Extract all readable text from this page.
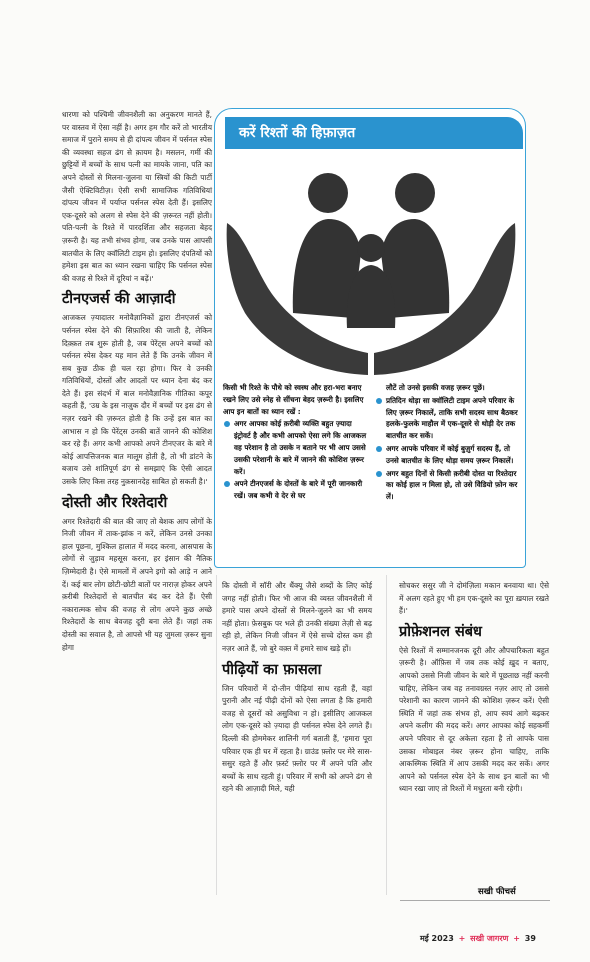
धारणा को पश्चिमी जीवनशैली का अनुकरण मानते हैं, पर वास्तव में ऐसा नहीं है। अगर हम गौर करें तो भारतीय समाज में पुराने समय से ही दांपत्य जीवन में पर्सनल स्पेस की व्यवस्था सहज ढंग से क़ायम है। मसलन, गर्मी की छुट्टियों में बच्चों के साथ पत्नी का मायके जाना, पति का अपने दोस्तों से मिलना-जुलना या स्त्रियों की किटी पार्टी जैसी ऐक्टिविटीज़। ऐसी सभी सामाजिक गतिविधियां दांपत्य जीवन में पर्याप्त पर्सनल स्पेस देती हैं। इसलिए एक-दूसरे को अलग से स्पेस देने की ज़रूरत नहीं होती। पति-पत्नी के रिश्ते में पारदर्शिता और सहजता बेहद ज़रूरी है। यह तभी संभव होगा, जब उनके पास आपसी बातचीत के लिए क्वॉलिटी टाइम हो। इसलिए दंपतियों को हमेशा इस बात का ध्यान रखना चाहिए कि पर्सनल स्पेस की वजह से रिश्ते में दूरियां न बढ़ें।'

टीनएजर्स की आज़ादी

आजकल ज़्यादातर मनोवैज्ञानिकों द्वारा टीनएजर्स को पर्सनल स्पेस देने की सिफ़ारिश की जाती है, लेकिन दिक़्क़त तब शुरू होती है, जब पेरेंट्स अपने बच्चों को पर्सनल स्पेस देकर यह मान लेते हैं कि उनके जीवन में सब कुछ ठीक ही चल रहा होगा। फिर वे उनकी गतिविधियों, दोस्तों और आदतों पर ध्यान देना बंद कर देते हैं। इस संदर्भ में बाल मनोवैज्ञानिक गीतिका कपूर कहती हैं, 'उम्र के इस नाज़ुक दौर में बच्चों पर इस ढंग से नज़र रखने की ज़रूरत होती है कि उन्हें इस बात का आभास न हो कि पेरेंट्स उनकी बातें जानने की कोशिश कर रहे हैं। अगर कभी आपको अपने टीनएजर के बारे में कोई आपत्तिजनक बात मालूम होती है, तो भी डांटने के बजाय उसे शांतिपूर्ण ढंग से समझाएं कि ऐसी आदत उसके लिए किस तरह नुक़सानदेह साबित हो सकती है।'

दोस्ती और रिश्तेदारी

अगर रिश्तेदारी की बात की जाए तो बेशक आप लोगों के निजी जीवन में ताक-झांक न करें, लेकिन उनसे उनका हाल पूछना, मुश्किल हालात में मदद करना, आसपास के लोगों से जुड़ाव महसूस करना, हर इंसान की नैतिक ज़िम्मेदारी है। ऐसे मामलों में अपने इगो को आड़े न आने दें। कई बार लोग छोटी-छोटी बातों पर नाराज़ होकर अपने क़रीबी रिश्तेदारों से बातचीत बंद कर देते हैं। ऐसी नकारात्मक सोच की वजह से लोग अपने कुछ अच्छे रिश्तेदारों के साथ बेवजह दूरी बना लेते हैं। जहां तक दोस्ती का सवाल है, तो आपसे भी यह जुमला ज़रूर सुना होगा

करें रिश्तों की हिफ़ाज़त

किसी भी रिश्ते के पौधे को स्वस्थ और हरा-भरा बनाए रखने लिए उसे स्नेह से सींचना बेहद ज़रूरी है। इसलिए आप इन बातों का ध्यान रखें :

अगर आपका कोई क़रीबी व्यक्ति बहुत ज़्यादा इंट्रोवर्ट है और कभी आपको ऐसा लगे कि आजकल वह परेशान है तो उसके न बताने पर भी आप उससे उसकी परेशानी के बारे में जानने की कोशिश ज़रूर करें।
अपने टीनएजर्स के दोस्तों के बारे में पूरी जानकारी रखें। जब कभी वे देर से घर

लौटें तो उनसे इसकी वजह ज़रूर पूछें।

प्रतिदिन थोड़ा सा क्वॉलिटी टाइम अपने परिवार के लिए ज़रूर निकालें, ताकि सभी सदस्य साथ बैठकर हलके-फुलके माहौल में एक-दूसरे से थोड़ी देर तक बातचीत कर सकें।
अगर आपके परिवार में कोई बुज़ुर्ग सदस्य हैं, तो उनसे बातचीत के लिए थोड़ा समय ज़रूर निकालें।
अगर बहुत दिनों से किसी क़रीबी दोस्त या रिश्तेदार का कोई हाल न मिला हो, तो उसे वेिडियो फ़ोन कर लें।

कि दोस्ती में सॉरी और थैंक्यू जैसे शब्दों के लिए कोई जगह नहीं होती। फिर भी आज की व्यस्त जीवनशैली में हमारे पास अपने दोस्तों से मिलने-जुलने का भी समय नहीं होता। फ़ेसबुक पर भले ही उनकी संख्या तेज़ी से बढ़ रही हो, लेकिन निजी जीवन में ऐसे सच्चे दोस्त कम ही नज़र आते हैं, जो बुरे वक़्त में हमारे साथ खड़े हों।

पीढ़ियों का फ़ासला

जिन परिवारों में दो-तीन पीढ़ियां साथ रहती हैं, वहां पुरानी और नई पीढ़ी दोनों को ऐसा लगता है कि हमारी वजह से दूसरों को असुविधा न हो। इसीलिए आजकल लोग एक-दूसरे को ज़्यादा ही पर्सनल स्पेस देने लगते हैं। दिल्ली की होममेकर शालिनी गर्ग बताती हैं, 'हमारा पूरा परिवार एक ही घर में रहता है। ग्राउंड फ़्लोर पर मेरे सास-ससुर रहते हैं और फ़र्स्ट फ़्लोर पर मैं अपने पति और बच्चों के साथ रहती हूं। परिवार में सभी को अपने ढंग से रहने की आज़ादी मिले, यही

सोचकर ससुर जी ने दोमंज़िला मकान बनवाया था। ऐसे में अलग रहते हुए भी हम एक-दूसरे का पूरा ख़याल रखते हैं।'

प्रोफ़ेशनल संबंध

ऐसे रिश्तों में सम्मानजनक दूरी और औपचारिकता बहुत ज़रूरी है। ऑफ़िस में जब तक कोई ख़ुद न बताए, आपको उससे निजी जीवन के बारे में पूछताछ नहीं करनी चाहिए, लेकिन जब वह तनावग्रस्त नज़र आए तो उससे परेशानी का कारण जानने की कोशिश ज़रूर करें। ऐसी स्थिति में जहां तक संभव हो, आप स्वयं आगे बढ़कर अपने कलीग की मदद करें। अगर आपका कोई सहकर्मी अपने परिवार से दूर अकेला रहता है तो आपके पास उसका मोबाइल नंबर ज़रूर होना चाहिए, ताकि आकस्मिक स्थिति में आप उसकी मदद कर सकें। अगर आपने को पर्सनल स्पेस देने के साथ इन बातों का भी ध्यान रखा जाए तो रिश्तों में मधुरता बनी रहेगी।

सखी फीचर्स
मई 2023 + सखी जागरण + 39
